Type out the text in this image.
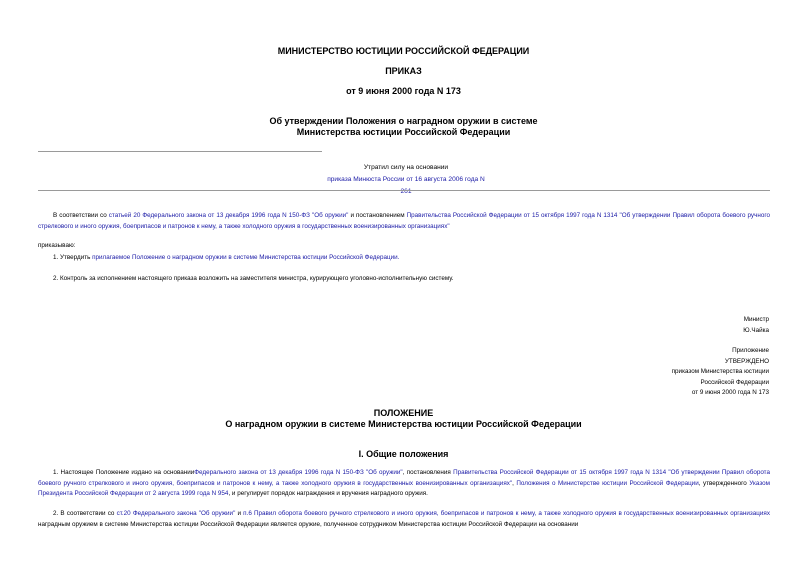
МИНИСТЕРСТВО ЮСТИЦИИ РОССИЙСКОЙ ФЕДЕРАЦИИ
ПРИКАЗ
от 9 июня 2000 года N 173
Об утверждении Положения о наградном оружии в системе
Министерства юстиции Российской Федерации
Утратил силу на основании
приказа Минюста России от 16 августа 2006 года N 261
В соответствии со статьей 20 Федерального закона от 13 декабря 1996 года N 150-ФЗ "Об оружии" и постановлением Правительства Российской Федерации от 15 октября 1997 года N 1314 "Об утверждении Правил оборота боевого ручного стрелкового и иного оружия, боеприпасов и патронов к нему, а также холодного оружия в государственных военизированных организациях"
приказываю:
1. Утвердить прилагаемое Положение о наградном оружии в системе Министерства юстиции Российской Федерации.
2. Контроль за исполнением настоящего приказа возложить на заместителя министра, курирующего уголовно-исполнительную систему.
Министр
Ю.Чайка
Приложение
УТВЕРЖДЕНО
приказом Министерства юстиции
Российской Федерации
от 9 июня 2000 года N 173
ПОЛОЖЕНИЕ
О наградном оружии в системе Министерства юстиции Российской Федерации
I. Общие положения
1. Настоящее Положение издано на основанииФедерального закона от 13 декабря 1996 года N 150-ФЗ "Об оружии", постановления Правительства Российской Федерации от 15 октября 1997 года N 1314 "Об утверждении Правил оборота боевого ручного стрелкового и иного оружия, боеприпасов и патронов к нему, а также холодного оружия в государственных военизированных организациях", Положения о Министерстве юстиции Российской Федерации, утвержденного Указом Президента Российской Федерации от 2 августа 1999 года N 954, и регулирует порядок награждения и вручения наградного оружия.
2. В соответствии со ст.20 Федерального закона "Об оружии" и п.6 Правил оборота боевого ручного стрелкового и иного оружия, боеприпасов и патронов к нему, а также холодного оружия в государственных военизированных организациях наградным оружием в системе Министерства юстиции Российской Федерации является оружие, полученное сотрудником Министерства юстиции Российской Федерации на основании
